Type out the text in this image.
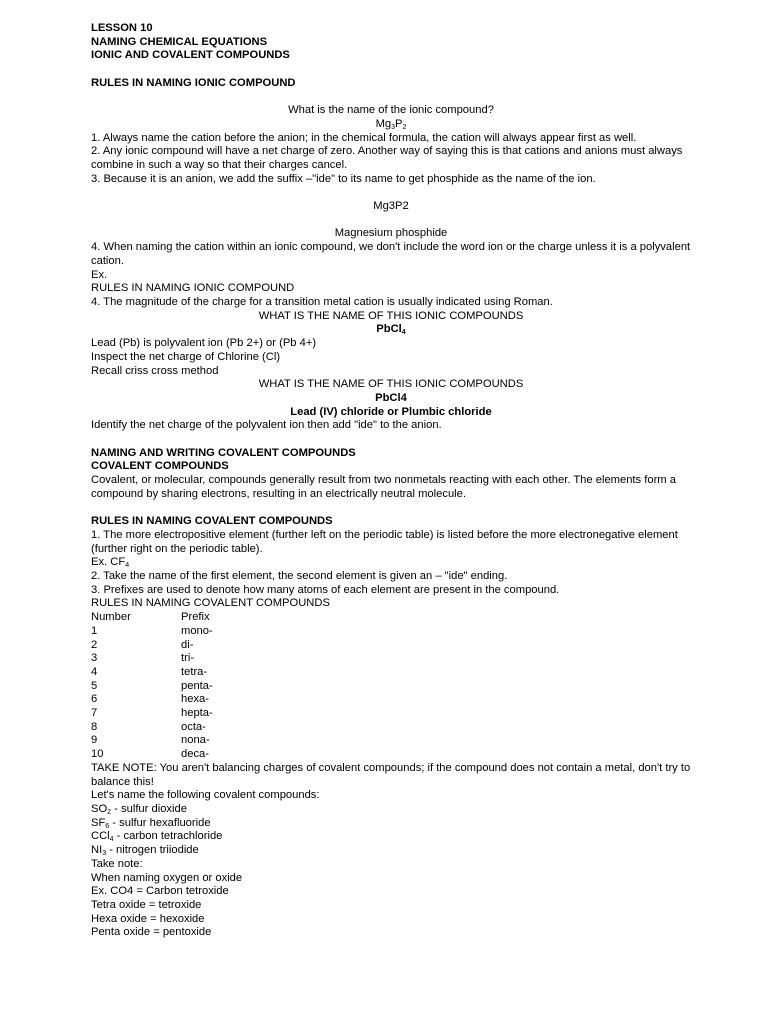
LESSON 10
NAMING CHEMICAL EQUATIONS
IONIC AND COVALENT COMPOUNDS
RULES IN NAMING IONIC COMPOUND
What is the name of the ionic compound?
$Mg_3P_2$
1. Always name the cation before the anion; in the chemical formula, the cation will always appear first as well.
2. Any ionic compound will have a net charge of zero. Another way of saying this is that cations and anions must always combine in such a way so that their charges cancel.
3. Because it is an anion, we add the suffix –"ide" to its name to get phosphide as the name of the ion.
Mg3P2
Magnesium phosphide
4. When naming the cation within an ionic compound, we don't include the word ion or the charge unless it is a polyvalent cation.
Ex.
RULES IN NAMING IONIC COMPOUND
4. The magnitude of the charge for a transition metal cation is usually indicated using Roman.
WHAT IS THE NAME OF THIS IONIC COMPOUNDS
PbCl$_4$
Lead (Pb) is polyvalent ion (Pb 2+) or (Pb 4+)
Inspect the net charge of Chlorine (Cl)
Recall criss cross method
WHAT IS THE NAME OF THIS IONIC COMPOUNDS
PbCl4
Lead (IV) chloride or Plumbic chloride
Identify the net charge of the polyvalent ion then add "ide" to the anion.
NAMING AND WRITING COVALENT COMPOUNDS
COVALENT COMPOUNDS
Covalent, or molecular, compounds generally result from two nonmetals reacting with each other. The elements form a compound by sharing electrons, resulting in an electrically neutral molecule.
RULES IN NAMING COVALENT COMPOUNDS
1. The more electropositive element (further left on the periodic table) is listed before the more electronegative element (further right on the periodic table).
Ex. $CF_4$
2. Take the name of the first element, the second element is given an – "ide" ending.
3. Prefixes are used to denote how many atoms of each element are present in the compound.
RULES IN NAMING COVALENT COMPOUNDS
Number	Prefix
1	mono-
2	di-
3	tri-
4	tetra-
5	penta-
6	hexa-
7	hepta-
8	octa-
9	nona-
10	deca-
TAKE NOTE: You aren't balancing charges of covalent compounds; if the compound does not contain a metal, don't try to balance this!
Let's name the following covalent compounds:
$SO_2$ - sulfur dioxide
$SF_6$ - sulfur hexafluoride
CCl$_4$ - carbon tetrachloride
$NI_3$ - nitrogen triiodide
Take note:
When naming oxygen or oxide
Ex. CO4 = Carbon tetroxide
Tetra oxide = tetroxide
Hexa oxide = hexoxide
Penta oxide = pentoxide
